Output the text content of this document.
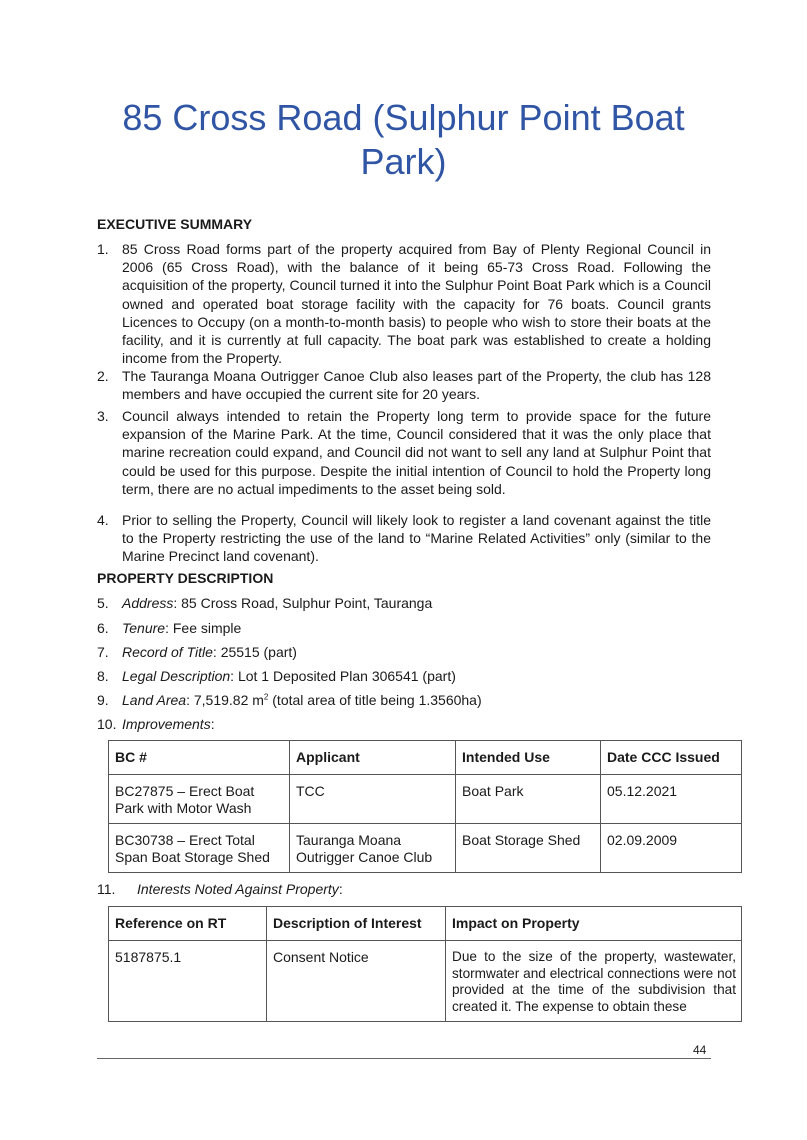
85 Cross Road (Sulphur Point Boat Park)
EXECUTIVE SUMMARY
1. 85 Cross Road forms part of the property acquired from Bay of Plenty Regional Council in 2006 (65 Cross Road), with the balance of it being 65-73 Cross Road. Following the acquisition of the property, Council turned it into the Sulphur Point Boat Park which is a Council owned and operated boat storage facility with the capacity for 76 boats. Council grants Licences to Occupy (on a month-to-month basis) to people who wish to store their boats at the facility, and it is currently at full capacity. The boat park was established to create a holding income from the Property.
2. The Tauranga Moana Outrigger Canoe Club also leases part of the Property, the club has 128 members and have occupied the current site for 20 years.
3. Council always intended to retain the Property long term to provide space for the future expansion of the Marine Park. At the time, Council considered that it was the only place that marine recreation could expand, and Council did not want to sell any land at Sulphur Point that could be used for this purpose. Despite the initial intention of Council to hold the Property long term, there are no actual impediments to the asset being sold.
4. Prior to selling the Property, Council will likely look to register a land covenant against the title to the Property restricting the use of the land to “Marine Related Activities” only (similar to the Marine Precinct land covenant).
PROPERTY DESCRIPTION
5. Address: 85 Cross Road, Sulphur Point, Tauranga
6. Tenure: Fee simple
7. Record of Title: 25515 (part)
8. Legal Description: Lot 1 Deposited Plan 306541 (part)
9. Land Area: 7,519.82 $m^2$ (total area of title being 1.3560ha)
10. Improvements:
BC #	Applicant	Intended Use	Date CCC Issued

BC27875 – Erect Boat Park with Motor Wash	TCC	Boat Park	05.12.2021

BC30738 – Erect Total Span Boat Storage Shed	Tauranga Moana Outrigger Canoe Club	Boat Storage Shed	02.09.2009
11. Interests Noted Against Property:
Reference on RT	Description of Interest	Impact on Property

5187875.1	Consent Notice	Due to the size of the property, wastewater, stormwater and electrical connections were not provided at the time of the subdivision that created it. The expense to obtain these
44
